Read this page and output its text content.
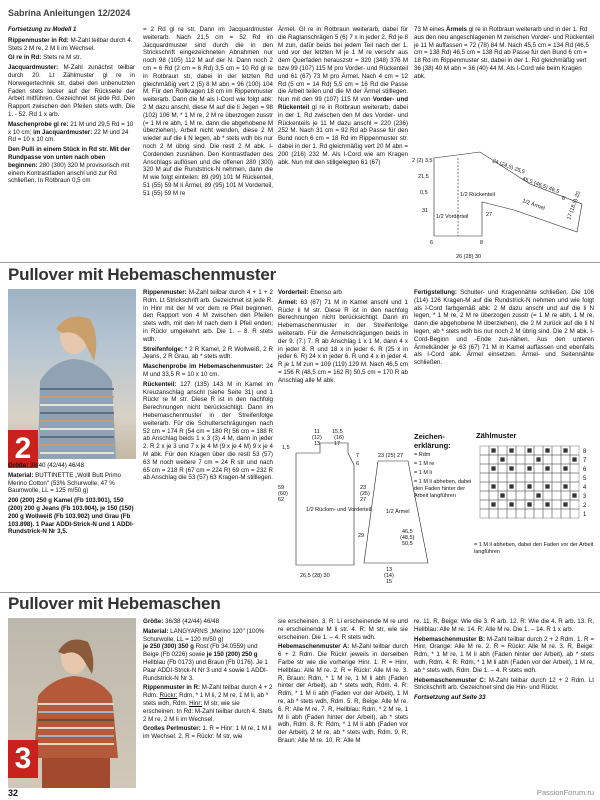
Sabrina Anleitungen 12/2024

Fortsetzung zu Modell 1

Rippenmuster in Rd: M-Zahl teilbar durch 4. Stets 2 M re, 2 M li im Wechsel.

Gl re in Rd: Stets re M str.

Jacquardmuster: M-Zahl zunächst teilbar durch 20. Lt Zählmuster gl re in Norwegertechnik str, dabei den unbenutzten Faden stets locker auf der Rückseite der Arbeit mitführen. Gezeichnet ist jede Rd. Den Rapport zwischen den Pfeilen stets wdh. Die 1. - 52. Rd 1 x arb.

Maschenprobe gl re: 21 M und 29,5 Rd = 10 x 10 cm; im Jacquardmuster: 22 M und 24 Rd = 10 x 10 cm.

Den Pulli in einem Stück in Rd str. Mit der Rundpasse von unten nach oben beginnen: 280 (300) 320 M provisorisch mit einem Kontrastfaden anschl und zur Rd schließen. In Rotbraun 0,5 cm

= 2 Rd gl re str. Dann im Jacquardmuster weiterarb. Nach 21,5 cm = 52 Rd im Jacquardmuster sind durch die in den Strickschrift eingezeichneten Abnahmen nur noch 98 (105) 112 M auf der N. Dann noch 2 cm = 6 Rd (2 cm = 6 Rd) 3,5 cm = 10 Rd gl re in Rotbraun str, dabei in der letzten Rd gleichmäßig vert 2 (5) 8 M abn = 96 (100) 104 M. Für den Rollkragen 18 cm im Rippenmuster weiterarb. Dann die M als I-Cord wie folgt abk: 2 M dazu anschl, diese M auf die li Jegen = 98 (102) 106 M, * 1 M re, 2 M re überzogen zusstr (= 1 M re abh, 1 M re, dann die abgehobene M überziehen), Arbeit nicht wenden, diese 2 M wieder auf die li N legen, ab * stets wdh bis nur noch 2 M übrig sind. Die restl 2 M abk. I-Cordenden zusnähen. Den Kontrastfaden des Anschlags auflösen und die offenen 280 (300) 320 M auf die Rundstrick-N nehmen, dann die M wie folgt einteilen: 89 (99) 101 M Rückenteil, 51 (55) 59 M li Ärmel, 89 (95) 101 M Vorderteil, 51 (55) 59 M re
Ärmel. Gl re in Rotbraun weiterarb, dabei für die Raglanschrägen 5 (6) 7 x in jeder 2. Rd je 8 M zun, dafür beids bei jedem Teil nach der 1. und vor der letzten M je 1 M re verschr aus dem Querfaden herauszstr = 320 (348) 376 M bzw 99 (107) 115 M pro Vorder- und Rückenteil und 61 (67) 73 M pro Ärmel. Nach 4 cm = 12 Rd (5 cm = 14 Rd) 5,5 cm = 16 Rd die Passe die Arbeit teilen und die M der Ärmel stilllegen. Nun mit den 99 (107) 115 M von Vorder- und Rückenteil gl re in Rotbraun weiterarb, dabei in der 1. Rd zwischen den M des Vorder- und Rückenteils je 11 M dazu anschl = 220 (236) 252 M. Nach 31 cm = 92 Rd ab Passe für den Bund noch 6 cm = 18 Rd im Rippenmuster str. dabei in der 1. Rd gleichmäßig vert 20 M abn = 200 (216) 232 M. Als I-Cord wie am Kragen abk. Nun mit den stillgelegten 61 (67)
73 M eines Ärmels gl re in Rotbraun weiterarb und in der 1. Rd aus den neu angeschlagenen M zwischen Vorder- und Rückenteil je 11 M auffassen = 72 (78) 84 M. Nach 45,5 cm = 134 Rd (46,5 cm = 138 Rd) 46,5 cm = 138 Rd ab Passe für den Bund 6 cm = 18 Rd im Rippenmuster str, dabei in der 1. Rd gleichmäßig vert 36 (38) 40 M abn = 36 (40) 44 M. Als I-Cord wie beim Kragen abk.
24 (24,5) 25,5
45,5 (46,5) 46,5
2 (2) 3,5
21,5
0,5
31
27	17 (18,5) 20
6
26 (28) 30
6	8
1/2 Rückenteil
1/2 Vorderteil
1/2 Ärmel
Pullover mit Hebemaschenmuster
2

Größe: 38/40 (42/44) 46/48

Material: BUTTINETTE „Wolll Butt Primo Merino Cotton" (53% Schurwolle, 47 % Baumwolle, LL = 125 m/50 g)

200 (200) 250 g Kamel (Fb 103.901), 150 (200) 200 g Jeans (Fb 103.904), je 150 (150) 200 g Wollweiß (Fb 103.902) und Grau (Fb 103.898). 1 Paar ADDI-Strick-N und 1 ADDI-Rundstrick-N Nr 3,5.

Rippenmuster: M-Zahl teilbar durch 4 + 1 + 2 Rdm. Lt Strickschrift arb. Gezeichnet ist jede R. In Hinr mit der M vor dem re Pfeil beginnen, den Rapport von 4 M zwischen den Pfeilen stets wdh, mit den M nach dem li Pfeil enden; in Rückr umgekehrt arb. Die 1. – 8. R stets wdh.

Streifenfolge: * 2 R Kamel, 2 R Wollweiß, 2 R Jeans, 2 R Grau, ab * stets wdh.

Maschenprobe im Hebemaschenmuster: 24 M und 33,5 R = 10 x 10 cm.

Rückenteil: 127 (135) 143 M in Kamel im Kreuzanschlag anschl (siehe Seite 31) und 1 Rückr re M str. Diese R ist in den nachfolg Berechnungen nicht berücksichtigt. Dann im Hebemaschenmuster in der Streifenfolge weiterarb. Für die Schulterschrägungen nach 52 cm = 174 R (54 cm = 180 R) 56 cm = 188 R ab Anschlag beids 1 x 3 (3) 4 M, dann in jeder 2. R 2 x je 3 und 7 x je 4 M (9 x je 4 M) 9 x je 4 M abk. Für den Kragen über die restl 53 (57) 63 M noch weitere 7 cm = 24 R str und nach 65 cm = 218 R (67 cm = 224 R) 69 cm = 232 R ab Anschlag die 53 (57) 63 Kragen-M stilllegen.

Vorderteil: Ebenso arb

Ärmel: 63 (67) 71 M in Kamel anschl und 1 Rückr li M str. Diese R ist in den nachfolg Berechnungen nicht berücksichtigt. Dann im Hebemaschenmuster in der Streifenfolge weiterarb. Für die Ärmelschrägungen beids in der 9. (7.) 7. R ab Anschlag 1 x 1 M, dann 4 x in jeder 8. R und 18 x in jeder 6. R (25 x in jeder 6. R) 24 x in jeder 6. R und 4 x in jeder 4. R je 1 M zun = 109 (119) 129 M. Nach 46,5 cm = 156 R (48,5 cm = 162 R) 50,5 cm = 170 R ab Anschlag alle M abk.

Fertigstellung: Schulter- und Kragennähte schließen. Die 106 (114) 126 Kragen-M auf die Rundstrick-N nehmen und wie folgt als I-Cord farbgemäß abk: 2 M dazu anschl und auf die li N legen, * 1 M re, 2 M re überzogen zusstr (= 1 M re abh, 1 M re, dann die abgehobene M überziehen), die 2 M zurück auf die li N legen, ab * stets wdh bis nur noch 2 M übrig sind. Die 2 M abk. I-Cord-Beginn und -Ende zus-nähen. Aus den unteren Ärmelkänder je 63 (67) 71 M in Kamel auffassen und ebenfalls als I-Cord abk. Ärmel einsetzen. Ärmel- und Seitennähte schließen.

1/2 Rücken- und Vorderteil	1/2 Ärmel
11
(12)
13
15,5
(16)
17
7
1,5
6
59
(60)
62
29
26,5 (28) 30
23 (25) 27
23
(25)
27
46,5
(48,5)
50,5
13
(14)
15

Zeichen-erklärung:

= Rdm

= 1 M re

= 1 M li

= 1 M li abheben, dabei den Faden hinter der Arbeit langführen

Zählmuster
8
7
6
5
4
3
2
1
= 1 M li abheben, dabei den Faden vor der Arbeit langführen
Pullover mit Hebemaschen
3

Größe: 36/38 (42/44) 46/48

Material: LANGYARNS „Merino 120" (100% Schurwolle, LL = 120 m/50 g)
je 250 (300) 350 g Rost (Fb 34.0559) und Beige (Fb 0226) sowie je 150 (200) 250 g Hellblau (Fb 0173) und Braun (Fb 0176). Je 1 Paar ADDI-Strick-N Nr 3 und 4 sowie 1 ADDI-Rundstrick-N Nr 3.

Rippenmuster in R: M-Zahl teilbar durch 4 + 2 Rdm. Rückr: Rdm, * 1 M li, 2 M re, 1 M li, ab * stets wdh, Rdm. Hinr: M str, wie sie erscheinen. In Rd: M-Zahl teilbar durch 4. Stets 2 M re, 2 M li im Wechsel.

Großes Perlmuster: 1. R = Hinr: 1 M re, 1 M li im Wechsel. 2. R = Rückr: M str, wie

sie erscheinen. 3. R: Li erscheinende M re und re erscheinende M li str. 4. R: M str, wie sie erscheinen. Die 1. – 4. R stets wdh.

Hebemaschenmuster A: M-Zahl teilbar durch 6 + 2 Rdm. Die Rückr jeweils in derselben Farbe str wie die vorherige Hinr. 1. R = Hinr, Hellblau: Alle M re. 2. R = Rückr: Alle M re. 3. R, Braun: Rdm, * 1 M re, 1 M li abh (Faden hinter der Arbeit), ab * stets wdh, Rdm. 4. R: Rdm, * 1 M li abh (Faden vor der Arbeit), 1 M re, ab * stets wdh, Rdm. 5. R, Beige: Alle M re. 6. R: Alle M re. 7. R, Hellblau: Rdm, * 2 M re, 1 M li abh (Faden hinter der Arbeit), ab * stets wdh, Rdm. 8. R: Rdm, * 1 M li abh (Faden vor der Arbeit), 2 M re, ab * stets wdh, Rdm. 9. R, Braun: Alle M re. 10. R: Alle M

re. 11. R, Beige: Wie die 3. R arb. 12. R: Wie die 4. R arb. 13. R, Hellblau: Alle M re. 14. R: Alle M re. Die 1. – 14. R 1 x arb.

Hebemaschenmuster B: M-Zahl teilbar durch 2 + 2 Rdm. 1. R = Hinr, Orange: Alle M re. 2. R = Rückr: Alle M re. 3. R, Beige: Rdm, * 1 M re, 1 M li abh (Faden hinter der Arbeit), ab * stets wdh, Rdm. 4. R: Rdm, * 1 M li abh (Faden vor der Arbeit), 1 M re, ab * stets wdh, Rdm. Die 1. – 4. R stets wdh.

Hebemaschenmuster C: M-Zahl teilbar durch 12 + 2 Rdm. Lt Strickschrift arb. Gezeichnet sind die Hin- und Rückr.

Fortsetzung auf Seite 33

32	PassionForum.ru
